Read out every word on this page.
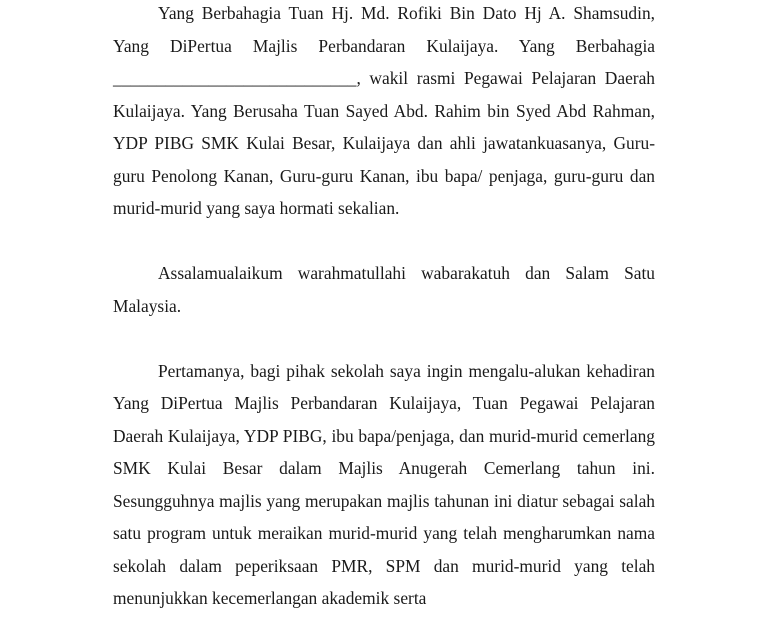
Yang Berbahagia Tuan Hj. Md. Rofiki Bin Dato Hj A. Shamsudin, Yang DiPertua Majlis Perbandaran Kulaijaya. Yang Berbahagia ____________________________, wakil rasmi Pegawai Pelajaran Daerah Kulaijaya. Yang Berusaha Tuan Sayed Abd. Rahim bin Syed Abd Rahman, YDP PIBG SMK Kulai Besar, Kulaijaya dan ahli jawatankuasanya, Guru-guru Penolong Kanan, Guru-guru Kanan, ibu bapa/ penjaga, guru-guru dan murid-murid yang saya hormati sekalian.

Assalamualaikum warahmatullahi wabarakatuh dan Salam Satu Malaysia.

Pertamanya, bagi pihak sekolah saya ingin mengalu-alukan kehadiran Yang DiPertua Majlis Perbandaran Kulaijaya, Tuan Pegawai Pelajaran Daerah Kulaijaya, YDP PIBG, ibu bapa/penjaga, dan murid-murid cemerlang SMK Kulai Besar dalam Majlis Anugerah Cemerlang tahun ini. Sesungguhnya majlis yang merupakan majlis tahunan ini diatur sebagai salah satu program untuk meraikan murid-murid yang telah mengharumkan nama sekolah dalam peperiksaan PMR, SPM dan murid-murid yang telah menunjukkan kecemerlangan akademik serta
